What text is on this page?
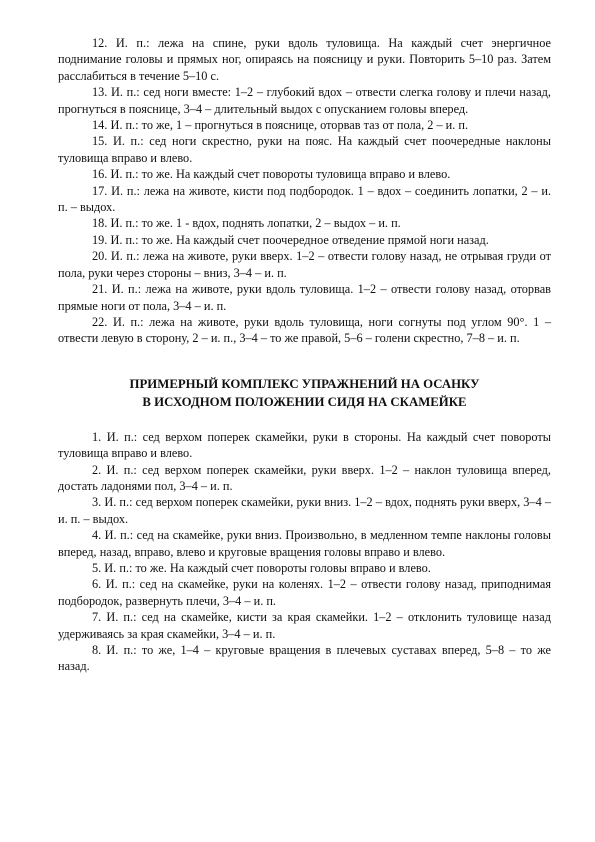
12. И. п.: лежа на спине, руки вдоль туловища. На каждый счет энергичное поднимание головы и прямых ног, опираясь на поясницу и руки. Повторить 5–10 раз. Затем расслабиться в течение 5–10 с.

13. И. п.: сед ноги вместе: 1–2 – глубокий вдох – отвести слегка голову и плечи назад, прогнуться в пояснице, 3–4 – длительный выдох с опусканием головы вперед.

14. И. п.: то же, 1 – прогнуться в пояснице, оторвав таз от пола, 2 – и. п.

15. И. п.: сед ноги скрестно, руки на пояс. На каждый счет поочередные наклоны туловища вправо и влево.

16. И. п.: то же. На каждый счет повороты туловища вправо и влево.

17. И. п.: лежа на животе, кисти под подбородок. 1 – вдох – соединить лопатки, 2 – и. п. – выдох.

18. И. п.: то же. 1 - вдох, поднять лопатки, 2 – выдох – и. п.

19. И. п.: то же. На каждый счет поочередное отведение прямой ноги назад.

20. И. п.: лежа на животе, руки вверх. 1–2 – отвести голову назад, не отрывая груди от пола, руки через стороны – вниз, 3–4 – и. п.

21. И. п.: лежа на животе, руки вдоль туловища. 1–2 – отвести голову назад, оторвав прямые ноги от пола, 3–4 – и. п.

22. И. п.: лежа на животе, руки вдоль туловища, ноги согнуты под углом 90°. 1 – отвести левую в сторону, 2 – и. п., 3–4 – то же правой, 5–6 – голени скрестно, 7–8 – и. п.

ПРИМЕРНЫЙ КОМПЛЕКС УПРАЖНЕНИЙ НА ОСАНКУ
В ИСХОДНОМ ПОЛОЖЕНИИ СИДЯ НА СКАМЕЙКЕ

1. И. п.: сед верхом поперек скамейки, руки в стороны. На каждый счет повороты туловища вправо и влево.

2. И. п.: сед верхом поперек скамейки, руки вверх. 1–2 – наклон туловища вперед, достать ладонями пол, 3–4 – и. п.

3. И. п.: сед верхом поперек скамейки, руки вниз. 1–2 – вдох, поднять руки вверх, 3–4 – и. п. – выдох.

4. И. п.: сед на скамейке, руки вниз. Произвольно, в медленном темпе наклоны головы вперед, назад, вправо, влево и круговые вращения головы вправо и влево.

5. И. п.: то же. На каждый счет повороты головы вправо и влево.

6. И. п.: сед на скамейке, руки на коленях. 1–2 – отвести голову назад, приподнимая подбородок, развернуть плечи, 3–4 – и. п.

7. И. п.: сед на скамейке, кисти за края скамейки. 1–2 – отклонить туловище назад удерживаясь за края скамейки, 3–4 – и. п.

8. И. п.: то же, 1–4 – круговые вращения в плечевых суставах вперед, 5–8 – то же назад.
